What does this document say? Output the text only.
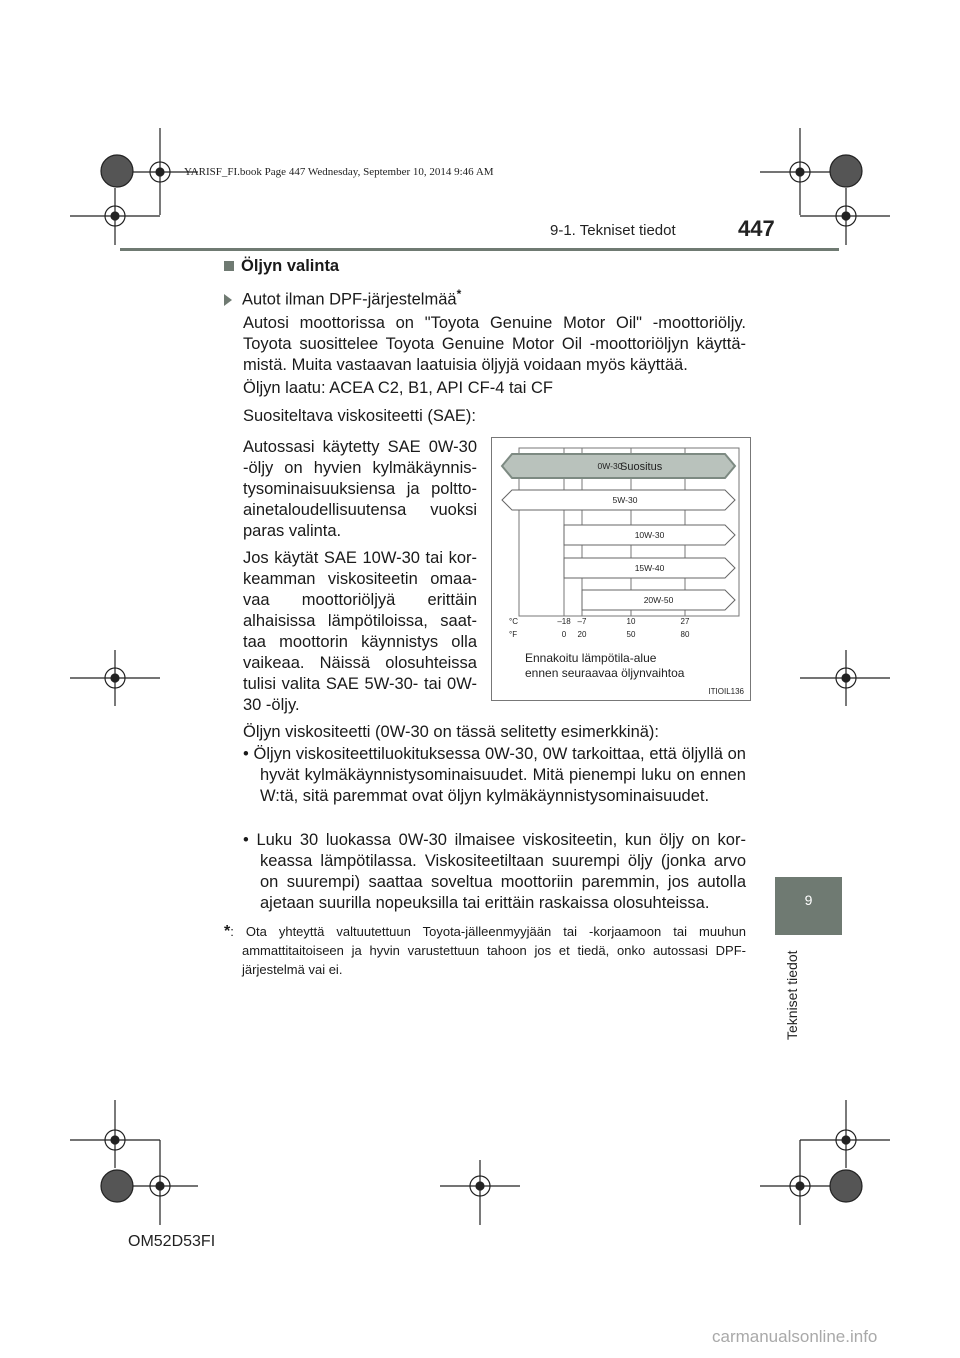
YARISF_FI.book Page 447 Wednesday, September 10, 2014 9:46 AM
9-1. Tekniset tiedot	447
9
Tekniset tiedot
Öljyn valinta
Autot ilman DPF-järjestelmää*
Autosi moottorissa on "Toyota Genuine Motor Oil" -moottoriöljy. Toyota suosittelee Toyota Genuine Motor Oil -moottoriöljyn käyttämistä. Muita vastaavan laatuisia öljyjä voidaan myös käyttää.
Öljyn laatu: ACEA C2, B1, API CF-4 tai CF
Suositeltava viskositeetti (SAE):
Autossasi käytetty SAE 0W-30 -öljy on hyvien kylmäkäynnistysominaisuuksiensa ja polttoainetaloudellisuutensa vuoksi paras valinta.
Jos käytät SAE 10W-30 tai korkeamman viskositeetin omaavaa moottoriöljyä erittäin alhaisissa lämpötiloissa, saattaa moottorin käynnistys olla vaikeaa. Näissä olosuhteissa tulisi valita SAE 5W-30- tai 0W-30 -öljy.
Öljyn viskositeetti (0W-30 on tässä selitetty esimerkkinä):
• Öljyn viskositeettiluokituksessa 0W-30, 0W tarkoittaa, että öljyllä on hyvät kylmäkäynnistysominaisuudet. Mitä pienempi luku on ennen W:tä, sitä paremmat ovat öljyn kylmäkäynnistysominaisuudet.
• Luku 30 luokassa 0W-30 ilmaisee viskositeetin, kun öljy on korkeassa lämpötilassa. Viskositeetiltaan suurempi öljy (jonka arvo on suurempi) saattaa soveltua moottoriin paremmin, jos autolla ajetaan suurilla nopeuksilla tai erittäin raskaissa olosuhteissa.
*: Ota yhteyttä valtuutettuun Toyota-jälleenmyyjään tai -korjaamoon tai muuhun ammattitaitoiseen ja hyvin varustettuun tahoon jos et tiedä, onko autossasi DPF-järjestelmä vai ei.
0W-30
Suositus
5W-30
10W-30
15W-40
20W-50
°C
°F
–18 –7	10	27
0 20	50	80
Ennakoitu lämpötila-alue
ennen seuraavaa öljynvaihtoa
ITIOIL136
OM52D53FI
carmanualsonline.info
